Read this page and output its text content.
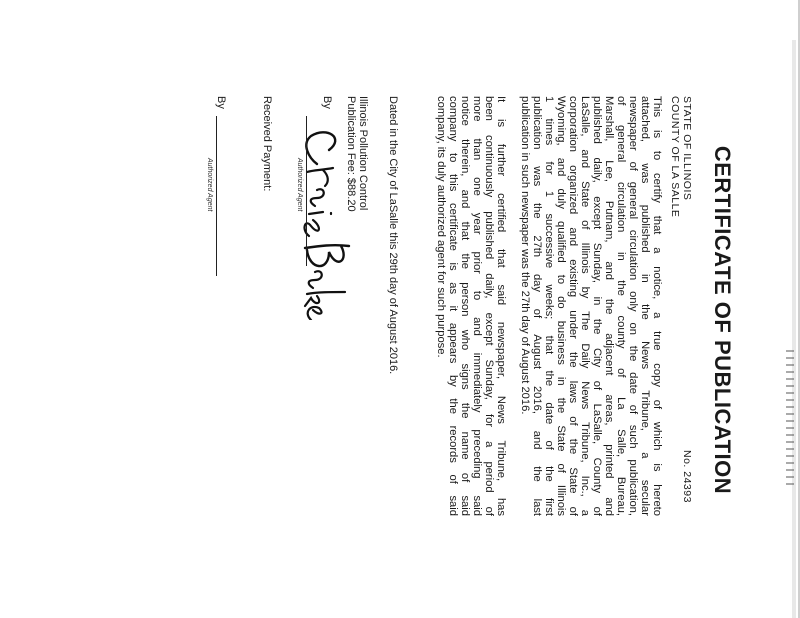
CERTIFICATE OF PUBLICATION
STATE OF ILLINOIS
COUNTY OF LA SALLE
No. 24393
This is to certify that a notice, a true copy of which is hereto
attached, was published in the News Tribune, a secular
newspaper of general circulation only on the date of such publication,
of general circulation in the county of La Salle, Bureau,
Marshall, Lee, Putnam, and the adjacent areas, printed and
published daily, except Sunday, in the City of LaSalle, County of
LaSalle, and State of Illinois by The Daily News Tribune, Inc., a
corporation organized and existing under the laws of the State of
Wyoming, and duly qualified to do business in the State of Illinois
1 times for 1 successive weeks; that the date of the first
publication was the 27th day of August 2016, and the last
publication in such newspaper was the 27th day of August 2016.
It is further certified that said newspaper, News Tribune, has
been continuously published daily, except Sunday, for a period of
more than one year prior to and immediately preceding said
notice therein, and that the person who signs the name of said
company to this certificate is as it appears by the records of said
company, its duly authorized agent for such purpose.
Dated in the City of LaSalle this 29th day of August 2016.
Illinois Pollution Control
Publication Fee: $88.20
By
Authorized Agent
Received Payment:
By
Authorized Agent
